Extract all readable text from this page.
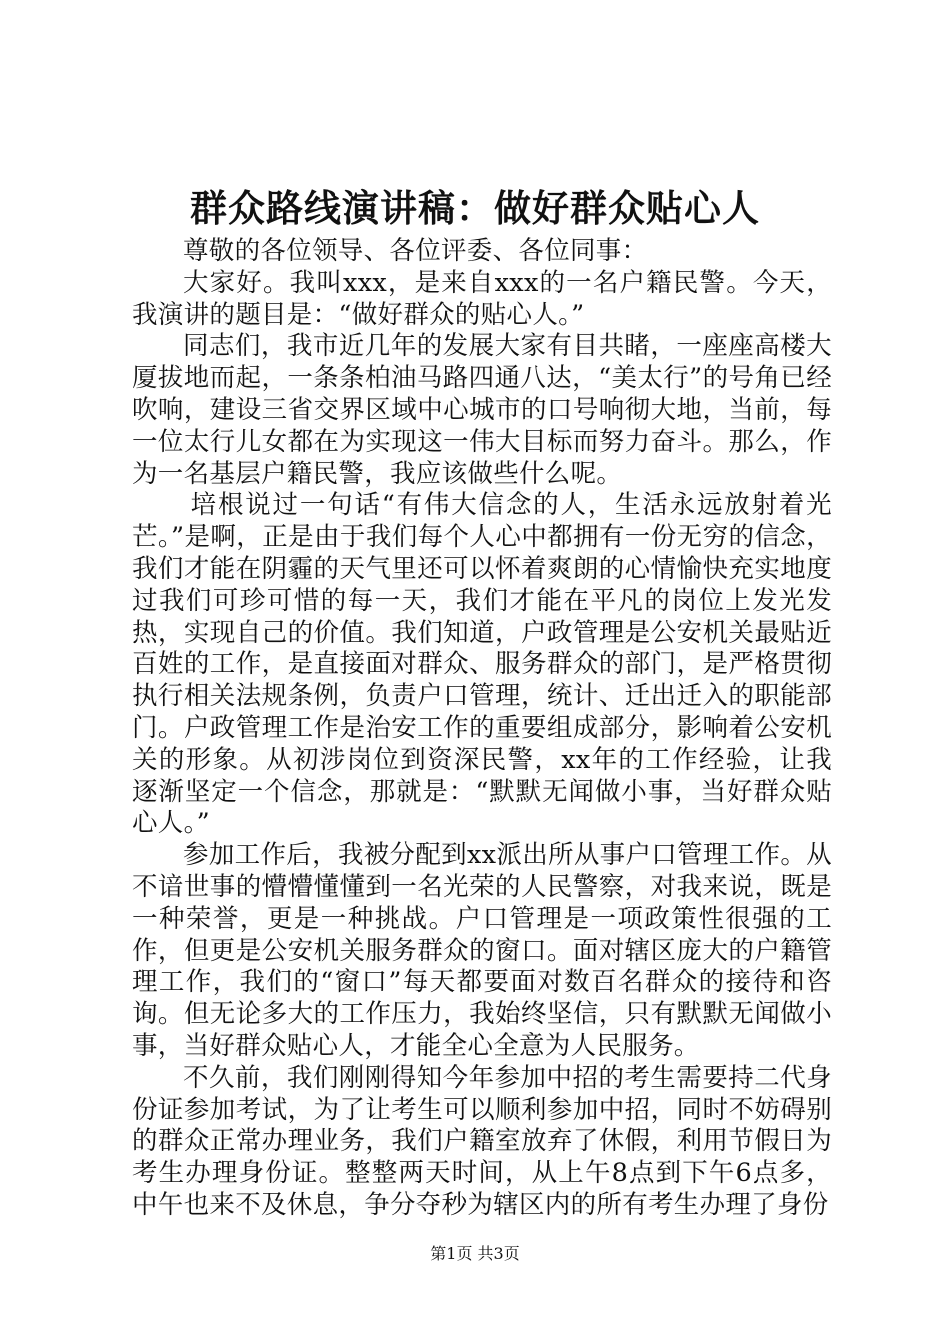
群众路线演讲稿：做好群众贴心人

尊敬的各位领导、各位评委、各位同事：

大家好。我叫xxx，是来自xxx的一名户籍民警。今天，我演讲的题目是：“做好群众的贴心人。”

同志们，我市近几年的发展大家有目共睹，一座座高楼大厦拔地而起，一条条柏油马路四通八达，“美太行”的号角已经吹响，建设三省交界区域中心城市的口号响彻大地，当前，每一位太行儿女都在为实现这一伟大目标而努力奋斗。那么，作为一名基层户籍民警，我应该做些什么呢。

培根说过一句话“有伟大信念的人，生活永远放射着光芒。”是啊，正是由于我们每个人心中都拥有一份无穷的信念，我们才能在阴霾的天气里还可以怀着爽朗的心情愉快充实地度过我们可珍可惜的每一天，我们才能在平凡的岗位上发光发热，实现自己的价值。我们知道，户政管理是公安机关最贴近百姓的工作，是直接面对群众、服务群众的部门，是严格贯彻执行相关法规条例，负责户口管理，统计、迁出迁入的职能部门。户政管理工作是治安工作的重要组成部分，影响着公安机关的形象。从初涉岗位到资深民警，xx年的工作经验，让我逐渐坚定一个信念，那就是：“默默无闻做小事，当好群众贴心人。”

参加工作后，我被分配到xx派出所从事户口管理工作。从不谙世事的懵懵懂懂到一名光荣的人民警察，对我来说，既是一种荣誉，更是一种挑战。户口管理是一项政策性很强的工作，但更是公安机关服务群众的窗口。面对辖区庞大的户籍管理工作，我们的“窗口”每天都要面对数百名群众的接待和咨询。但无论多大的工作压力，我始终坚信，只有默默无闻做小事，当好群众贴心人，才能全心全意为人民服务。

不久前，我们刚刚得知今年参加中招的考生需要持二代身份证参加考试，为了让考生可以顺利参加中招，同时不妨碍别的群众正常办理业务，我们户籍室放弃了休假，利用节假日为考生办理身份证。整整两天时间，从上午8点到下午6点多，中午也来不及休息，争分夺秒为辖区内的所有考生办理了身份

第1页 共3页
